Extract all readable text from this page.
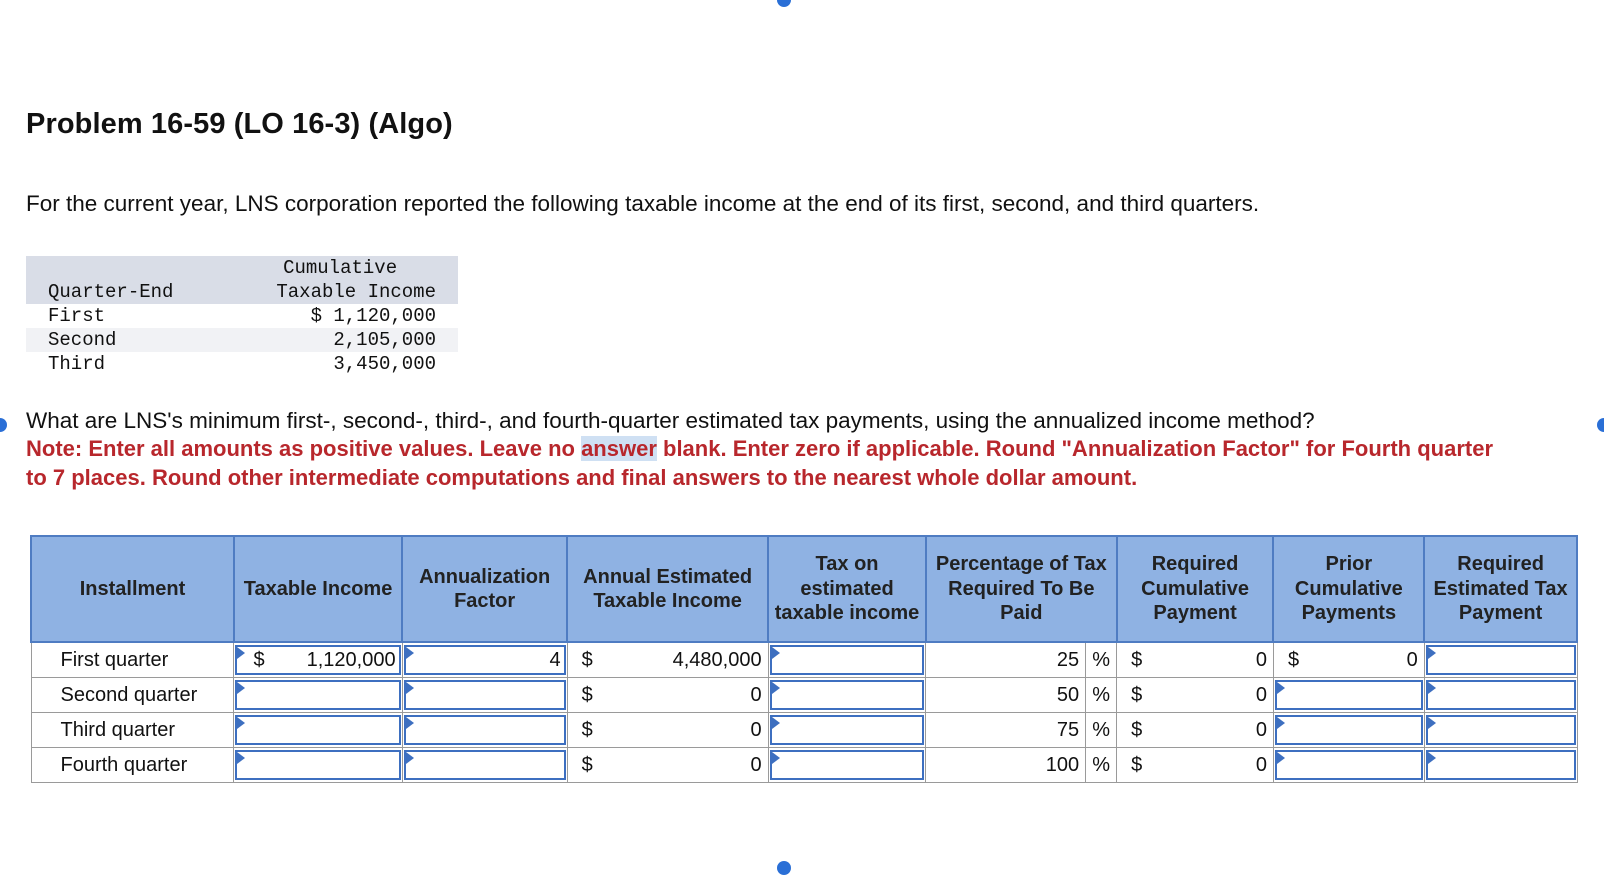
Problem 16-59 (LO 16-3) (Algo)
For the current year, LNS corporation reported the following taxable income at the end of its first, second, and third quarters.
	Cumulative
Quarter-End	Taxable Income
First	$ 1,120,000
Second	2,105,000
Third	3,450,000
What are LNS's minimum first-, second-, third-, and fourth-quarter estimated tax payments, using the annualized income method?
Note: Enter all amounts as positive values. Leave no answer blank. Enter zero if applicable. Round "Annualization Factor" for Fourth quarter to 7 places. Round other intermediate computations and final answers to the nearest whole dollar amount.
Installment	Taxable Income	Annualization Factor	Annual Estimated Taxable Income	Tax on estimated taxable income	Percentage of Tax Required To Be Paid	Required Cumulative Payment	Prior Cumulative Payments	Required Estimated Tax Payment
First quarter	$ 1,120,000	4	$ 4,480,000		25 %	$ 0	$ 0	

Second quarter			$ 0		50 %	$ 0		

Third quarter			$ 0		75 %	$ 0		

Fourth quarter			$ 0		100 %	$ 0		
